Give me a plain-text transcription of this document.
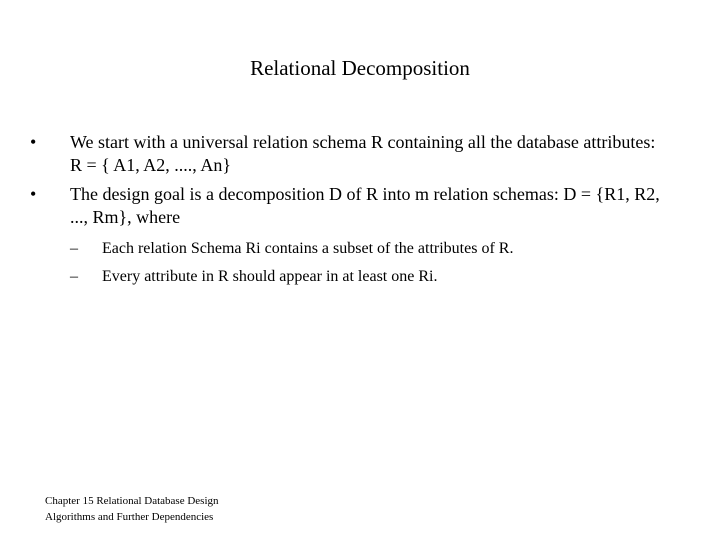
Relational Decomposition
•	We start with a universal relation schema R containing all the database attributes: R = { A1, A2, ...., An}
•	The design goal is a decomposition D of R into m relation schemas: D = {R1, R2, ..., Rm}, where
–	Each relation Schema Ri contains a subset of the attributes of R.
–	Every attribute in R should appear in at least one Ri.
Chapter 15 Relational Database Design
Algorithms and Further Dependencies
